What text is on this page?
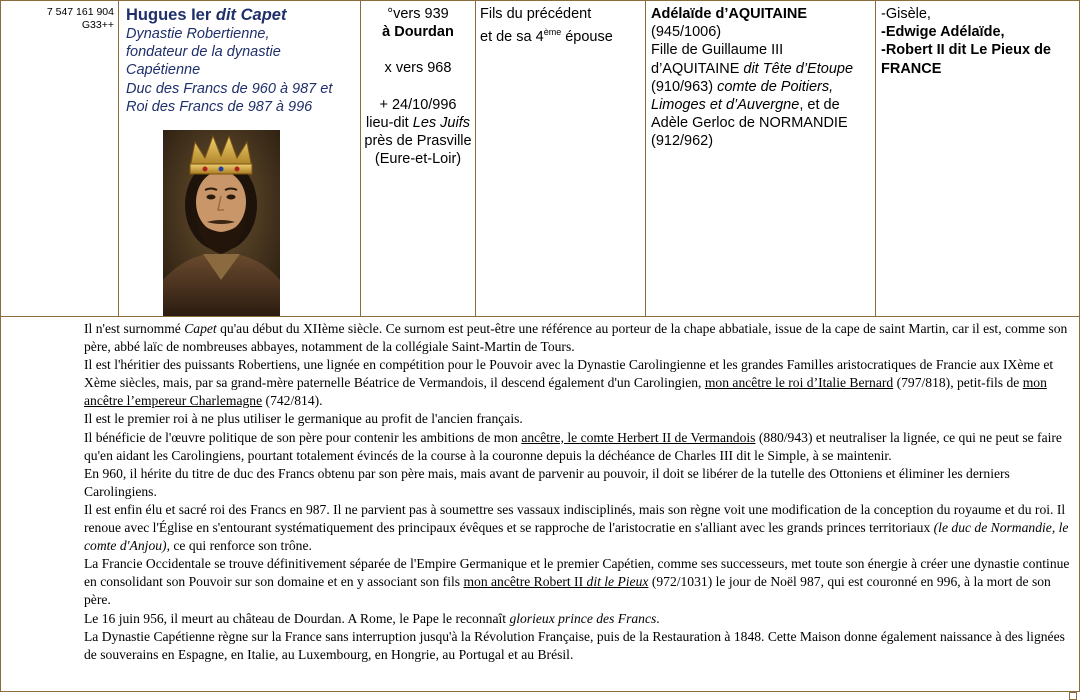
7 547 161 904
G33++
Hugues Ier dit Capet
Dynastie Robertienne,
fondateur de la dynastie
Capétienne
Duc des Francs de 960 à 987 et
Roi des Francs de 987 à 996
°vers 939
à Dourdan
x vers 968
+ 24/10/996
lieu-dit Les Juifs près de Prasville (Eure-et-Loir)
Fils du précédent
et de sa 4ème épouse
Adélaïde d’AQUITAINE
(945/1006)
Fille de Guillaume III d’AQUITAINE dit Tête d’Etoupe (910/963) comte de Poitiers, Limoges et d’Auvergne, et de Adèle Gerloc de NORMANDIE (912/962)
-Gisèle,
-Edwige Adélaïde,
-Robert II dit Le Pieux de FRANCE

Il n'est surnommé Capet qu'au début du XIIème siècle. Ce surnom est peut-être une référence au porteur de la chape abbatiale, issue de la cape de saint Martin, car il est, comme son père, abbé laïc de nombreuses abbayes, notamment de la collégiale Saint-Martin de Tours.

Il est l'héritier des puissants Robertiens, une lignée en compétition pour le Pouvoir avec la Dynastie Carolingienne et les grandes Familles aristocratiques de Francie aux IXème et Xème siècles, mais, par sa grand-mère paternelle Béatrice de Vermandois, il descend également d'un Carolingien, mon ancêtre le roi d’Italie Bernard (797/818), petit-fils de mon ancêtre l’empereur Charlemagne (742/814).

Il est le premier roi à ne plus utiliser le germanique au profit de l'ancien français.

Il bénéficie de l'œuvre politique de son père pour contenir les ambitions de mon ancêtre, le comte Herbert II de Vermandois (880/943) et neutraliser la lignée, ce qui ne peut se faire qu'en aidant les Carolingiens, pourtant totalement évincés de la course à la couronne depuis la déchéance de Charles III dit le Simple, à se maintenir.

En 960, il hérite du titre de duc des Francs obtenu par son père mais, mais avant de parvenir au pouvoir, il doit se libérer de la tutelle des Ottoniens et éliminer les derniers Carolingiens.

Il est enfin élu et sacré roi des Francs en 987. Il ne parvient pas à soumettre ses vassaux indisciplinés, mais son règne voit une modification de la conception du royaume et du roi. Il renoue avec l'Église en s'entourant systématiquement des principaux évêques et se rapproche de l'aristocratie en s'alliant avec les grands princes territoriaux (le duc de Normandie, le comte d'Anjou), ce qui renforce son trône.

La Francie Occidentale se trouve définitivement séparée de l'Empire Germanique et le premier Capétien, comme ses successeurs, met toute son énergie à créer une dynastie continue en consolidant son Pouvoir sur son domaine et en y associant son fils mon ancêtre Robert II dit le Pieux (972/1031) le jour de Noël 987, qui est couronné en 996, à la mort de son père.

Le 16 juin 956, il meurt au château de Dourdan. A Rome, le Pape le reconnaît glorieux prince des Francs.

La Dynastie Capétienne règne sur la France sans interruption jusqu'à la Révolution Française, puis de la Restauration à 1848. Cette Maison donne également naissance à des lignées de souverains en Espagne, en Italie, au Luxembourg, en Hongrie, au Portugal et au Brésil.
